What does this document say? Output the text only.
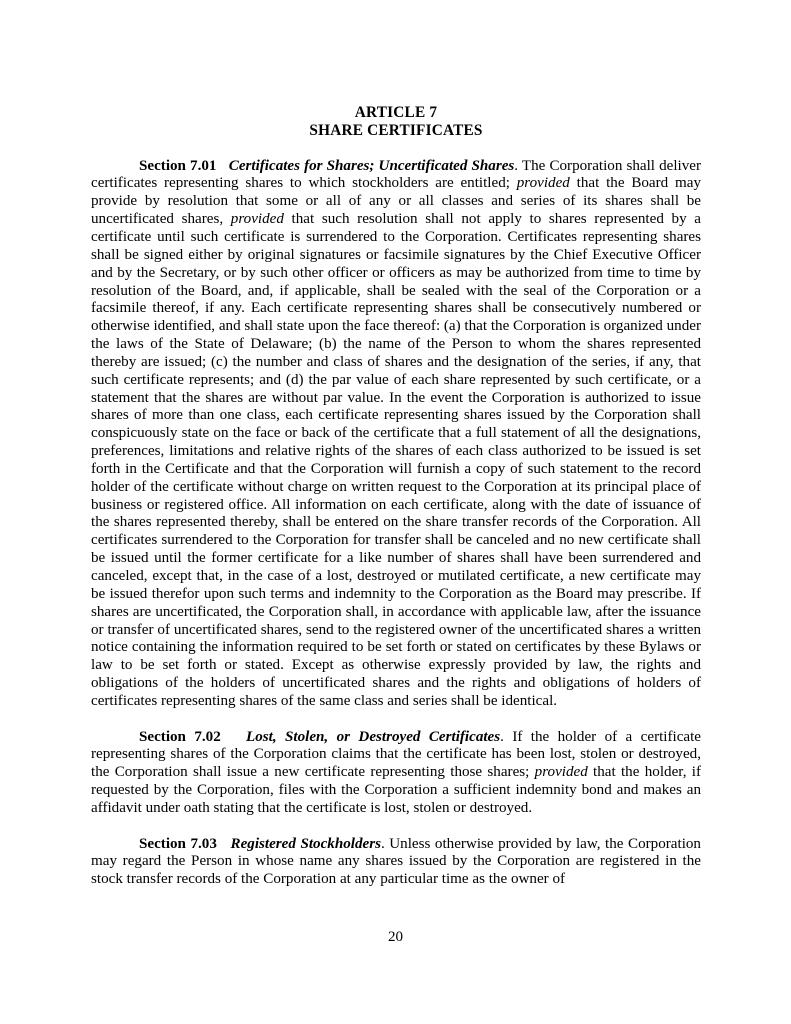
ARTICLE 7
SHARE CERTIFICATES

Section 7.01 Certificates for Shares; Uncertificated Shares. The Corporation shall deliver certificates representing shares to which stockholders are entitled; provided that the Board may provide by resolution that some or all of any or all classes and series of its shares shall be uncertificated shares, provided that such resolution shall not apply to shares represented by a certificate until such certificate is surrendered to the Corporation. Certificates representing shares shall be signed either by original signatures or facsimile signatures by the Chief Executive Officer and by the Secretary, or by such other officer or officers as may be authorized from time to time by resolution of the Board, and, if applicable, shall be sealed with the seal of the Corporation or a facsimile thereof, if any. Each certificate representing shares shall be consecutively numbered or otherwise identified, and shall state upon the face thereof: (a) that the Corporation is organized under the laws of the State of Delaware; (b) the name of the Person to whom the shares represented thereby are issued; (c) the number and class of shares and the designation of the series, if any, that such certificate represents; and (d) the par value of each share represented by such certificate, or a statement that the shares are without par value. In the event the Corporation is authorized to issue shares of more than one class, each certificate representing shares issued by the Corporation shall conspicuously state on the face or back of the certificate that a full statement of all the designations, preferences, limitations and relative rights of the shares of each class authorized to be issued is set forth in the Certificate and that the Corporation will furnish a copy of such statement to the record holder of the certificate without charge on written request to the Corporation at its principal place of business or registered office. All information on each certificate, along with the date of issuance of the shares represented thereby, shall be entered on the share transfer records of the Corporation. All certificates surrendered to the Corporation for transfer shall be canceled and no new certificate shall be issued until the former certificate for a like number of shares shall have been surrendered and canceled, except that, in the case of a lost, destroyed or mutilated certificate, a new certificate may be issued therefor upon such terms and indemnity to the Corporation as the Board may prescribe. If shares are uncertificated, the Corporation shall, in accordance with applicable law, after the issuance or transfer of uncertificated shares, send to the registered owner of the uncertificated shares a written notice containing the information required to be set forth or stated on certificates by these Bylaws or law to be set forth or stated. Except as otherwise expressly provided by law, the rights and obligations of the holders of uncertificated shares and the rights and obligations of holders of certificates representing shares of the same class and series shall be identical.

Section 7.02 Lost, Stolen, or Destroyed Certificates. If the holder of a certificate representing shares of the Corporation claims that the certificate has been lost, stolen or destroyed, the Corporation shall issue a new certificate representing those shares; provided that the holder, if requested by the Corporation, files with the Corporation a sufficient indemnity bond and makes an affidavit under oath stating that the certificate is lost, stolen or destroyed.

Section 7.03 Registered Stockholders. Unless otherwise provided by law, the Corporation may regard the Person in whose name any shares issued by the Corporation are registered in the stock transfer records of the Corporation at any particular time as the owner of

20
